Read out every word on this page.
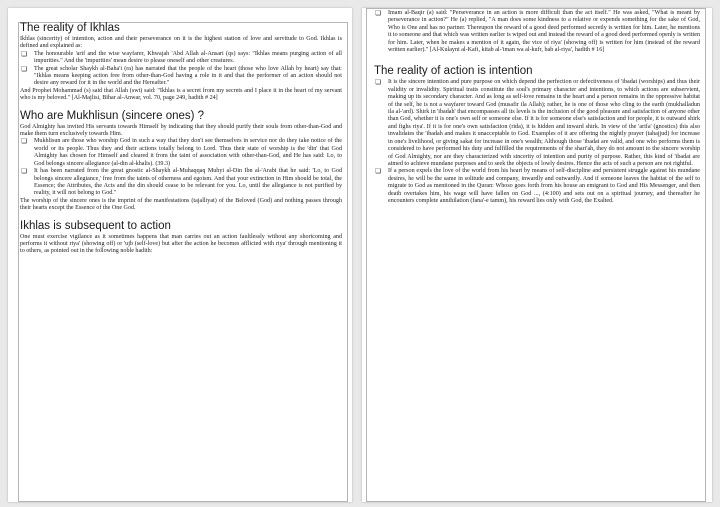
The reality of Ikhlas

Ikhlas (sincerity) of intention, action and their perseverance on it is the highest station of love and servitude to God. Ikhlas is defined and explained as:

❏ The honourable 'arif and the wise wayfarer, Khwajah 'Abd Allah al-Ansari (qs) says: "Ikhlas means purging action of all impurities." And the 'impurities' mean desire to please oneself and other creatures.
❏ The great scholar Shaykh al-Baha'i (ra) has narrated that the people of the heart (those who love Allah by heart) say that: "Ikhlas means keeping action free from other-than-God having a role in it and that the performer of an action should not desire any reward for it in the world and the Hereafter."

And Prophet Mohammad (s) said that Allah (swt) said: "Ikhlas is a secret from my secrets and I place it in the heart of my servant who is my beloved." [Al-Majlisi, Bihar al-Anwar, vol. 70, page 249, hadith # 24]

Who are Mukhlisun (sincere ones) ?

God Almighty has invited His servants towards Himself by indicating that they should purify their souls from other-than-God and make them turn exclusively towards Him.

❏ Mukhlisun are those who worship God in such a way that they don't see themselves in service nor do they take notice of the world or its people. Thus they and their actions totally belong to Lord. Thus their state of worship is the 'din' that God Almighty has chosen for Himself and cleared it from the taint of association with other-than-God, and He has said: Lo, to God belongs sincere allegiance (al-din al-khalis). (39.3)
❏ It has been narrated from the great gnostic al-Shaykh al-Muhaqqaq Muhyi al-Din Ibn al-'Arabi that he said: 'Lo, to God belongs sincere allegiance,' free from the taints of otherness and egoism. And that your extinction in Him should be total, the Essence; the Attributes, the Acts and the din should cease to be relevant for you. Lo, until the allegiance is not purified by reality, it will not belong to God."

The worship of the sincere ones is the imprint of the manifestations (tajalliyat) of the Beloved (God) and nothing passes through their hearts except the Essence of the One God.

Ikhlas is subsequent to action

One must exercise vigilance as it sometimes happens that man carries out an action faultlessly without any shortcoming and performs it without riya' (showing off) or 'ujb (self-love) but after the action he becomes afflicted with riya' through mentioning it to others, as pointed out in the following noble hadith:

❏ Imam al-Baqir (a) said: "Perseverance in an action is more difficult than the act itself." He was asked, "What is meant by perseverance in action?" He (a) replied, "A man does some kindness to a relative or expends something for the sake of God, Who is One and has no partner. Thereupon the reward of a good deed performed secretly is written for him. Later, he mentions it to someone and that which was written earlier is wiped out and instead the reward of a good deed performed openly is written for him. Later, when he makes a mention of it again, the vice of riya' (showing off) is written for him (instead of the reward written earlier)." [Al-Kulayni al-Kafi, kitab al-'iman wa al-kufr, bab al-riya', hadith # 16]
The reality of action is intention
❏ It is the sincere intention and pure purpose on which depend the perfection or defectiveness of 'ibadat (worships) and thus their validity or invalidity. Spiritual traits constitute the soul's primary character and intentions, to which actions are subservient, making up its secondary character. And as long as self-love remains in the heart and a person remains in the oppressive habitat of the self, he is not a wayfarer toward God (musafir ila Allah); rather, he is one of those who cling to the earth (mukhalladun ila al-'ard). Shirk in 'ibadah' that encompasses all its levels is the inclusion of the good pleasure and satisfaction of anyone other than God, whether it is one's own self or someone else. If it is for someone else's satisfaction and for people, it is outward shirk and fighs riya'. If it is for one's own satisfaction (rida), it is hidden and inward shirk. In view of the 'arifa' (gnostics) this also invalidates the 'ibadah and makes it unacceptable to God. Examples of it are offering the nightly prayer (tahajjud) for increase in one's livelihood, or giving sakat for increase in one's wealth; Although those 'ibadat are valid, and one who performs them is considered to have performed his duty and fulfilled the requirements of the shari'ah, they do not amount to the sincere worship of God Almighty, nor are they characterized with sincerity of intention and purity of purpose. Rather, this kind of 'ibadat are aimed to achieve mundane purposes and to seek the objects of lowly desires. Hence the acts of such a person are not rightful.
❏ If a person expels the love of the world from his heart by means of self-discipline and persistent struggle against his mundane desires, he will be the same in solitude and company, inwardly and outwardly. And if someone leaves the habitat of the self to migrate to God as mentioned in the Quran: Whoso goes forth from his house an emigrant to God and His Messenger, and then death overtakes him, his wage will have fallen on God ..., (4:100) and sets out on a spiritual journey, and thereafter he encounters complete annihilation (fana'-e tamm), his reward lies only with God, the Exalted.
